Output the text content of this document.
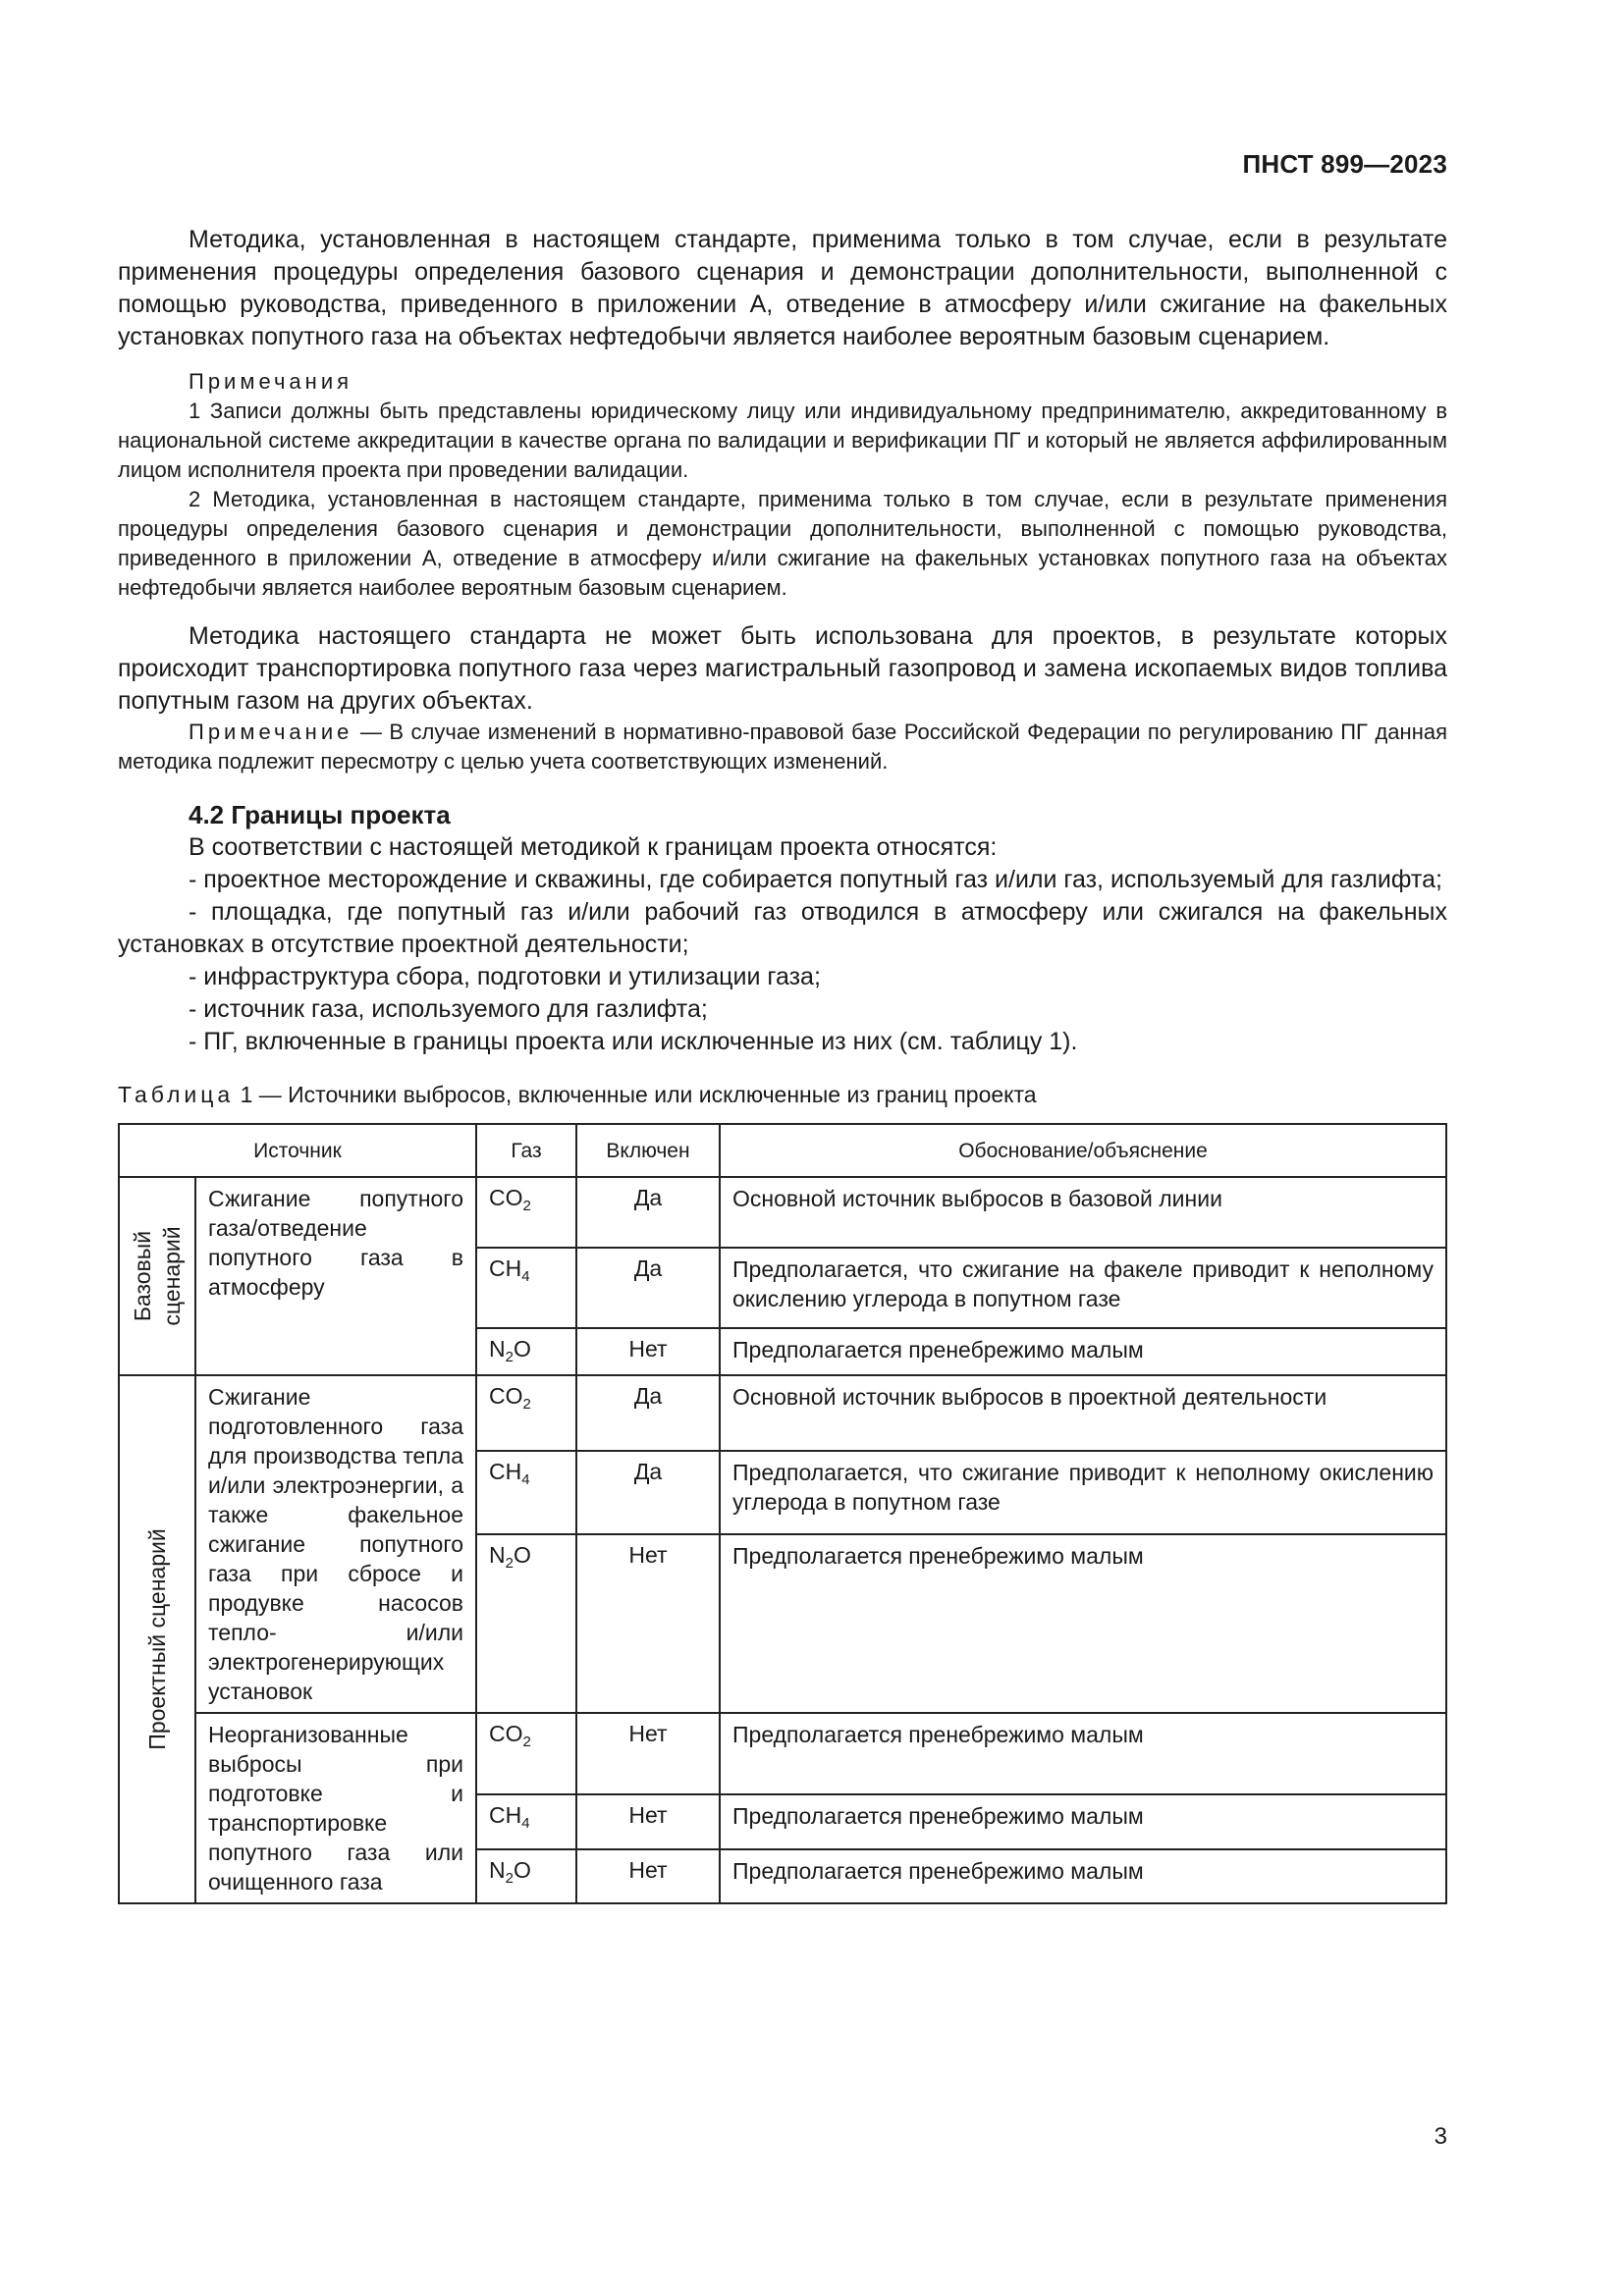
ПНСТ 899—2023

Методика, установленная в настоящем стандарте, применима только в том случае, если в результате применения процедуры определения базового сценария и демонстрации дополнительности, выполненной с помощью руководства, приведенного в приложении А, отведение в атмосферу и/или сжигание на факельных установках попутного газа на объектах нефтедобычи является наиболее вероятным базовым сценарием.

Примечания

1 Записи должны быть представлены юридическому лицу или индивидуальному предпринимателю, аккредитованному в национальной системе аккредитации в качестве органа по валидации и верификации ПГ и который не является аффилированным лицом исполнителя проекта при проведении валидации.

2 Методика, установленная в настоящем стандарте, применима только в том случае, если в результате применения процедуры определения базового сценария и демонстрации дополнительности, выполненной с помощью руководства, приведенного в приложении А, отведение в атмосферу и/или сжигание на факельных установках попутного газа на объектах нефтедобычи является наиболее вероятным базовым сценарием.

Методика настоящего стандарта не может быть использована для проектов, в результате которых происходит транспортировка попутного газа через магистральный газопровод и замена ископаемых видов топлива попутным газом на других объектах.

Примечание — В случае изменений в нормативно-правовой базе Российской Федерации по регулированию ПГ данная методика подлежит пересмотру с целью учета соответствующих изменений.

4.2 Границы проекта

В соответствии с настоящей методикой к границам проекта относятся:

- проектное месторождение и скважины, где собирается попутный газ и/или газ, используемый для газлифта;

- площадка, где попутный газ и/или рабочий газ отводился в атмосферу или сжигался на факельных установках в отсутствие проектной деятельности;

- инфраструктура сбора, подготовки и утилизации газа;

- источник газа, используемого для газлифта;

- ПГ, включенные в границы проекта или исключенные из них (см. таблицу 1).

Таблица 1 — Источники выбросов, включенные или исключенные из границ проекта
Источник		Газ	Включен	Обоснование/объяснение

Базовый сценарий	Сжигание попутного газа/отведение попутного газа в атмосферу	$CO_2$	Да	Основной источник выбросов в базовой линии
		$CH_4$	Да	Предполагается, что сжигание на факеле приводит к неполному окислению углерода в попутном газе
		$N_2O$	Нет	Предполагается пренебрежимо малым

Проектный сценарий	Сжигание подготовленного газа для производства тепла и/или электроэнергии, а также факельное сжигание попутного газа при сбросе и продувке насосов тепло- и/или электрогенерирующих установок	$CO_2$	Да	Основной источник выбросов в проектной деятельности
		$CH_4$	Да	Предполагается, что сжигание приводит к неполному окислению углерода в попутном газе
		$N_2O$	Нет	Предполагается пренебрежимо малым
	Неорганизованные выбросы при подготовке и транспортировке попутного газа или очищенного газа	$CO_2$	Нет	Предполагается пренебрежимо малым
		$CH_4$	Нет	Предполагается пренебрежимо малым
		$N_2O$	Нет	Предполагается пренебрежимо малым
3
